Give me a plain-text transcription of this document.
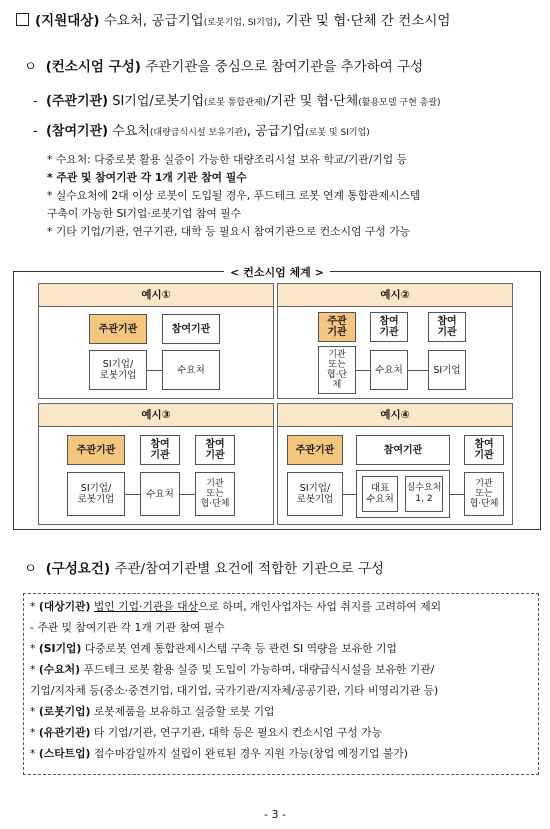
(지원대상) 수요처, 공급기업(로봇기업, SI기업), 기관 및 협·단체 간 컨소시엄
ㅇ (컨소시엄 구성) 주관기관을 중심으로 참여기관을 추가하여 구성
- (주관기관) SI기업/로봇기업(로봇 통합관제)/기관 및 협·단체(활용모델 구현 총괄)
- (참여기관) 수요처(대량급식시설 보유기관), 공급기업(로봇 및 SI기업)
* 수요처: 다중로봇 활용 실증이 가능한 대량조리시설 보유 학교/기관/기업 등
* 주관 및 참여기관 각 1개 기관 참여 필수
* 실수요처에 2대 이상 로봇이 도입될 경우, 푸드테크 로봇 연계 통합관제시스템
구축이 가능한 SI기업·로봇기업 참여 필수
* 기타 기업/기관, 연구기관, 대학 등 필요시 참여기관으로 컨소시엄 구성 가능
< 컨소시엄 체계 >
예시①
주관기관	참여기관
SI기업/
로봇기업	수요처
예시②
주관
기관
참여
기관
참여
기관
기관
또는
협·단
체
수요처	SI기업
예시③
주관기관	참여
기관
참여
기관
SI기업/
로봇기업	수요처
기관
또는
협·단체
예시④
주관기관	참여기관	참여
기관
SI기업/
로봇기업
대표
수요처
실수요처
1, 2
기관
또는
협·단체
ㅇ (구성요건) 주관/참여기관별 요건에 적합한 기관으로 구성
* (대상기관) 법인 기업·기관을 대상으로 하며, 개인사업자는 사업 취지를 고려하여 제외
- 주관 및 참여기관 각 1개 기관 참여 필수
* (SI기업) 다중로봇 연계 통합관제시스템 구축 등 관련 SI 역량을 보유한 기업
* (수요처) 푸드테크 로봇 활용 실증 및 도입이 가능하며, 대량급식시설을 보유한 기관/
기업/지자체 등(중소·중견기업, 대기업, 국가기관/지자체/공공기관, 기타 비영리기관 등)
* (로봇기업) 로봇제품을 보유하고 실증할 로봇 기업
* (유관기관) 타 기업/기관, 연구기관, 대학 등은 필요시 컨소시엄 구성 가능
* (스타트업) 접수마감일까지 설립이 완료된 경우 지원 가능(창업 예정기업 불가)
- 3 -
